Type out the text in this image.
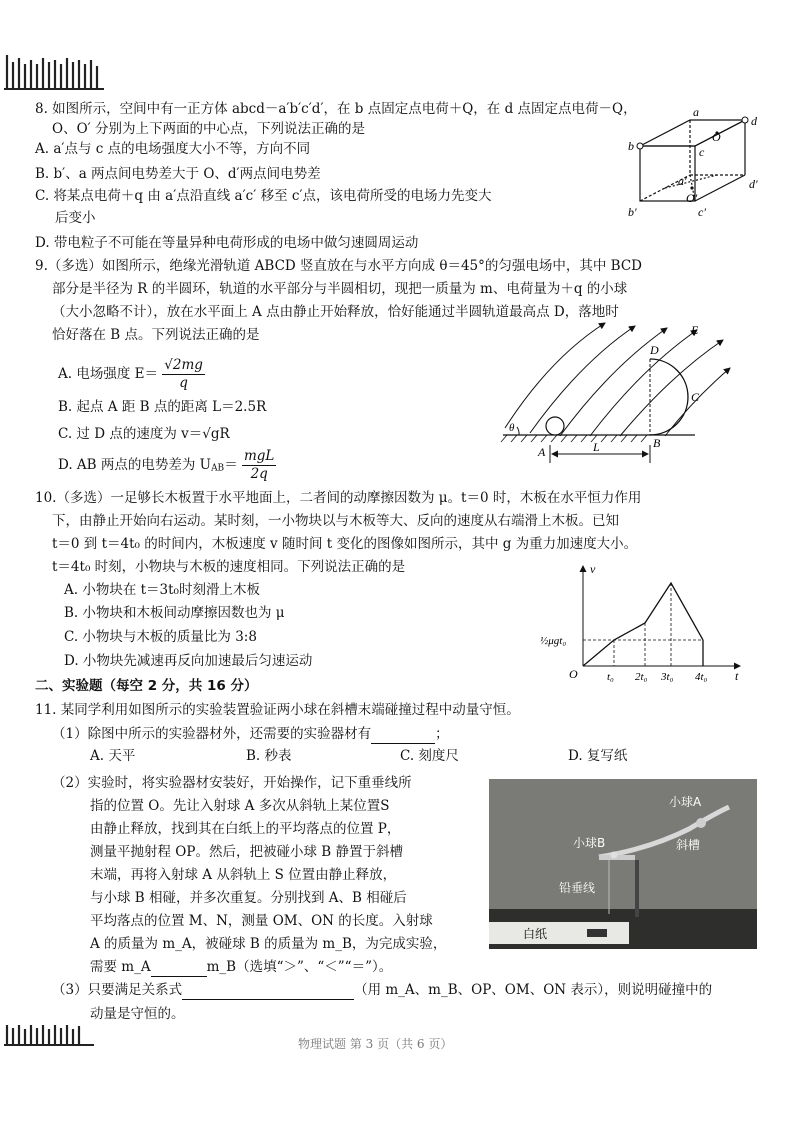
8. 如图所示，空间中有一正方体 abcd－a′b′c′d′，在 b 点固定点电荷＋Q，在 d 点固定点电荷－Q，
O、O′ 分别为上下两面的中心点，下列说法正确的是
A. a′点与 c 点的电场强度大小不等，方向不同
B. b′、a 两点间电势差大于 O、d′两点间电势差
C. 将某点电荷＋q 由 a′点沿直线 a′c′ 移至 c′点，该电荷所受的电场力先变大
后变小
D. 带电粒子不可能在等量异种电荷形成的电场中做匀速圆周运动
a
b	c
d
O
a′
b′	c′
d′
O′
9.（多选）如图所示，绝缘光滑轨道 ABCD 竖直放在与水平方向成 θ＝45°的匀强电场中，其中 BCD
部分是半径为 R 的半圆环，轨道的水平部分与半圆相切，现把一质量为 m、电荷量为＋q 的小球
（大小忽略不计），放在水平面上 A 点由静止开始释放，恰好能通过半圆轨道最高点 D，落地时
恰好落在 B 点。下列说法正确的是
A. 电场强度 $E= \frac{√2mg}{q}$
B. 起点 A 距 B 点的距离 L＝2.5R
C. 过 D 点的速度为 v＝√gR
D. AB 两点的电势差为 $U_{AB}=$
mgL
2q
E
D
C
B
A	L
θ
10.（多选）一足够长木板置于水平地面上，二者间的动摩擦因数为 μ。t＝0 时，木板在水平恒力作用
下，由静止开始向右运动。某时刻，一小物块以与木板等大、反向的速度从右端滑上木板。已知
t＝0 到 t＝4t₀ 的时间内，木板速度 v 随时间 t 变化的图像如图所示，其中 g 为重力加速度大小。
t＝4t₀ 时刻，小物块与木板的速度相同。下列说法正确的是
A. 小物块在 t＝3t₀时刻滑上木板
B. 小物块和木板间动摩擦因数也为 μ
C. 小物块与木板的质量比为 3:8
D. 小物块先减速再反向加速最后匀速运动
v
t
O
½μgt₀
t₀ 2t₀ 3t₀ 4t₀
二、实验题（每空 2 分，共 16 分）
11. 某同学利用如图所示的实验装置验证两小球在斜槽末端碰撞过程中动量守恒。
（1）除图中所示的实验器材外，还需要的实验器材有	；
A. 天平	B. 秒表	C. 刻度尺	D. 复写纸
（2）实验时，将实验器材安装好，开始操作，记下重垂线所
指的位置 O。先让入射球 A 多次从斜轨上某位置S
由静止释放，找到其在白纸上的平均落点的位置 P，
测量平抛射程 OP。然后，把被碰小球 B 静置于斜槽
末端，再将入射球 A 从斜轨上 S 位置由静止释放，
与小球 B 相碰，并多次重复。分别找到 A、B 相碰后
平均落点的位置 M、N，测量 OM、ON 的长度。入射球
A 的质量为 m_A，被碰球 B 的质量为 m_B，为完成实验，
需要 m_A	m_B（选填“＞”、“＜”“＝”）。
（3）只要满足关系式	（用 m_A、m_B、OP、OM、ON 表示），则说明碰撞中的
动量是守恒的。
小球A
小球B	斜槽
铅垂线
白纸
物理试题 第 3 页（共 6 页）
